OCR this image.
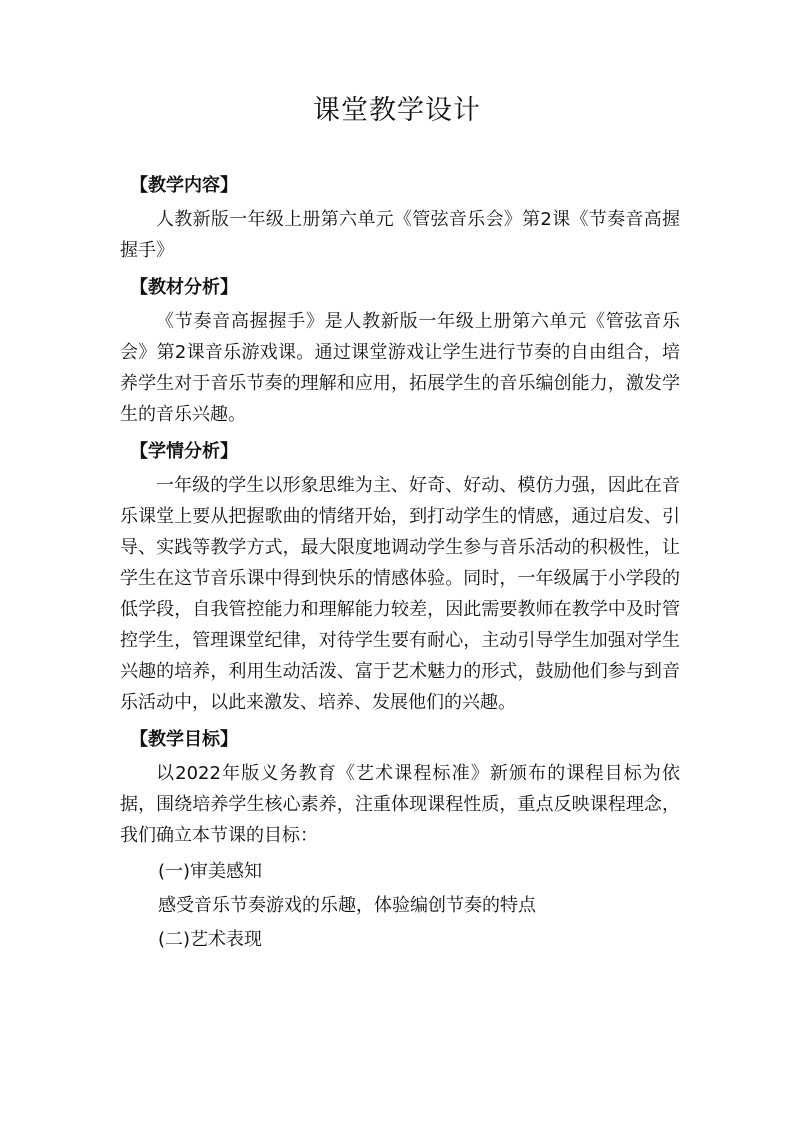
课堂教学设计
【教学内容】
人教新版一年级上册第六单元《管弦音乐会》第2课《节奏音高握握手》
【教材分析】
《节奏音高握握手》是人教新版一年级上册第六单元《管弦音乐会》第2课音乐游戏课。通过课堂游戏让学生进行节奏的自由组合，培养学生对于音乐节奏的理解和应用，拓展学生的音乐编创能力，激发学生的音乐兴趣。
【学情分析】
一年级的学生以形象思维为主、好奇、好动、模仿力强，因此在音乐课堂上要从把握歌曲的情绪开始，到打动学生的情感，通过启发、引导、实践等教学方式，最大限度地调动学生参与音乐活动的积极性，让学生在这节音乐课中得到快乐的情感体验。同时，一年级属于小学段的低学段，自我管控能力和理解能力较差，因此需要教师在教学中及时管控学生，管理课堂纪律，对待学生要有耐心，主动引导学生加强对学生兴趣的培养，利用生动活泼、富于艺术魅力的形式，鼓励他们参与到音乐活动中，以此来激发、培养、发展他们的兴趣。
【教学目标】
以2022年版义务教育《艺术课程标准》新颁布的课程目标为依据，围绕培养学生核心素养，注重体现课程性质，重点反映课程理念，我们确立本节课的目标：
(一)审美感知
感受音乐节奏游戏的乐趣，体验编创节奏的特点
(二)艺术表现
